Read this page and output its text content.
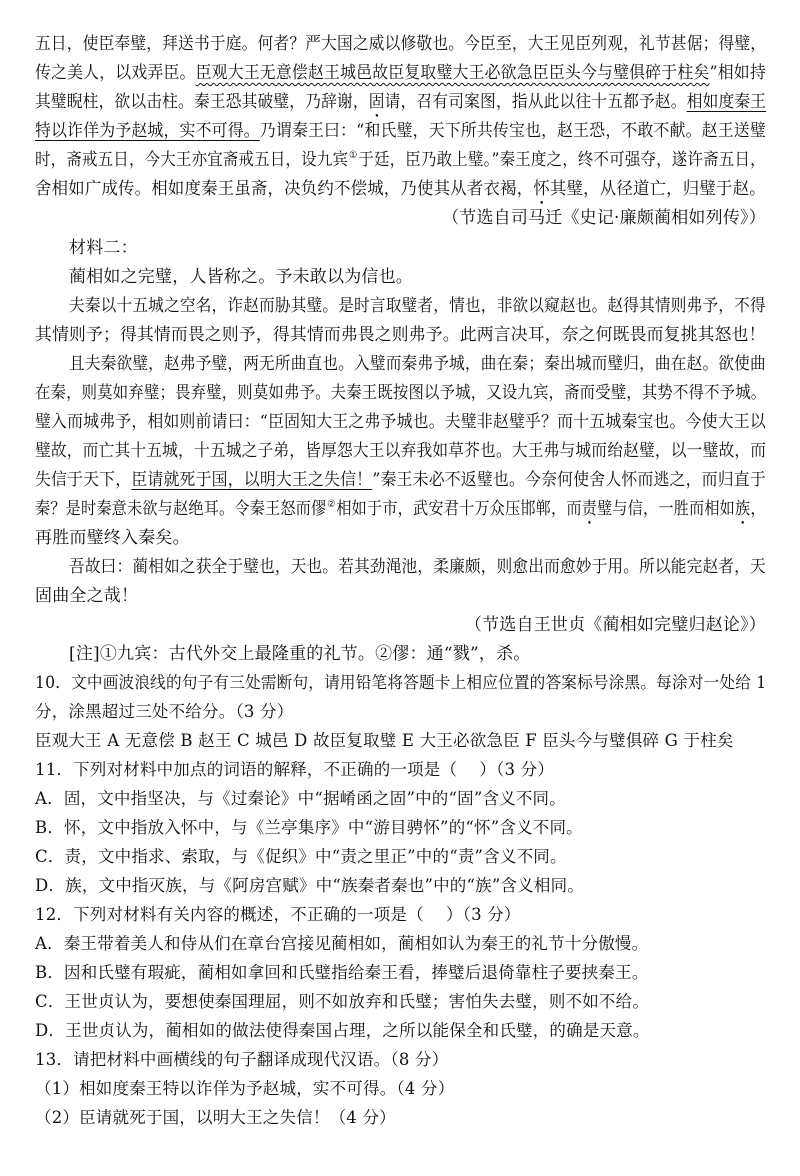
五日，使臣奉璧，拜送书于庭。何者？严大国之威以修敬也。今臣至，大王见臣列观，礼节甚倨；得璧，
传之美人，以戏弄臣。臣观大王无意偿赵王城邑故臣复取璧大王必欲急臣臣头今与璧俱碎于柱矣”相如持
其璧睨柱，欲以击柱。秦王恐其破璧，乃辞谢，固请，召有司案图，指从此以往十五都予赵。相如度秦王
特以诈佯为予赵城，实不可得。乃谓秦王曰：“和氏璧，天下所共传宝也，赵王恐，不敢不献。赵王送璧
时，斋戒五日，今大王亦宜斋戒五日，设九宾①于廷，臣乃敢上璧。”秦王度之，终不可强夺，遂许斋五日，
舍相如广成传。相如度秦王虽斋，决负约不偿城，乃使其从者衣褐，怀其璧，从径道亡，归璧于赵。
（节选自司马迁《史记·廉颇蔺相如列传》）
材料二：
蔺相如之完璧，人皆称之。予未敢以为信也。
夫秦以十五城之空名，诈赵而胁其璧。是时言取璧者，情也，非欲以窥赵也。赵得其情则弗予，不得
其情则予；得其情而畏之则予，得其情而弗畏之则弗予。此两言决耳，奈之何既畏而复挑其怒也！
且夫秦欲璧，赵弗予璧，两无所曲直也。入璧而秦弗予城，曲在秦；秦出城而璧归，曲在赵。欲使曲
在秦，则莫如弃璧；畏弃璧，则莫如弗予。夫秦王既按图以予城，又设九宾，斋而受璧，其势不得不予城。
璧入而城弗予，相如则前请曰：“臣固知大王之弗予城也。夫璧非赵璧乎？而十五城秦宝也。今使大王以
璧故，而亡其十五城，十五城之子弟，皆厚怨大王以弃我如草芥也。大王弗与城而绐赵璧，以一璧故，而
失信于天下，臣请就死于国，以明大王之失信！”秦王未必不返璧也。今奈何使舍人怀而逃之，而归直于
秦？是时秦意未欲与赵绝耳。令秦王怒而僇②相如于市，武安君十万众压邯郸，而责璧与信，一胜而相如族，
再胜而璧终入秦矣。
吾故曰：蔺相如之获全于璧也，天也。若其劲渑池，柔廉颇，则愈出而愈妙于用。所以能完赵者，天
固曲全之哉！
（节选自王世贞《蔺相如完璧归赵论》）
[注]①九宾：古代外交上最隆重的礼节。②僇：通“戮”，杀。
10．文中画波浪线的句子有三处需断句，请用铅笔将答题卡上相应位置的答案标号涂黑。每涂对一处给 1
分，涂黑超过三处不给分。（3 分）
臣观大王 A 无意偿 B 赵王 C 城邑 D 故臣复取璧 E 大王必欲急臣 F 臣头今与璧俱碎 G 于柱矣
11．下列对材料中加点的词语的解释，不正确的一项是（　 ）（3 分）
A．固，文中指坚决，与《过秦论》中“据崤函之固”中的“固”含义不同。
B．怀，文中指放入怀中，与《兰亭集序》中“游目骋怀”的“怀”含义不同。
C．责，文中指求、索取，与《促织》中“责之里正”中的“责”含义不同。
D．族，文中指灭族，与《阿房宫赋》中“族秦者秦也”中的“族”含义相同。
12．下列对材料有关内容的概述，不正确的一项是（　 ）（3 分）
A．秦王带着美人和侍从们在章台宫接见蔺相如，蔺相如认为秦王的礼节十分傲慢。
B．因和氏璧有瑕疵，蔺相如拿回和氏璧指给秦王看，捧璧后退倚靠柱子要挟秦王。
C．王世贞认为，要想使秦国理屈，则不如放弃和氏璧；害怕失去璧，则不如不给。
D．王世贞认为，蔺相如的做法使得秦国占理，之所以能保全和氏璧，的确是天意。
13．请把材料中画横线的句子翻译成现代汉语。（8 分）
（1）相如度秦王特以诈佯为予赵城，实不可得。（4 分）
（2）臣请就死于国，以明大王之失信！（4 分）
